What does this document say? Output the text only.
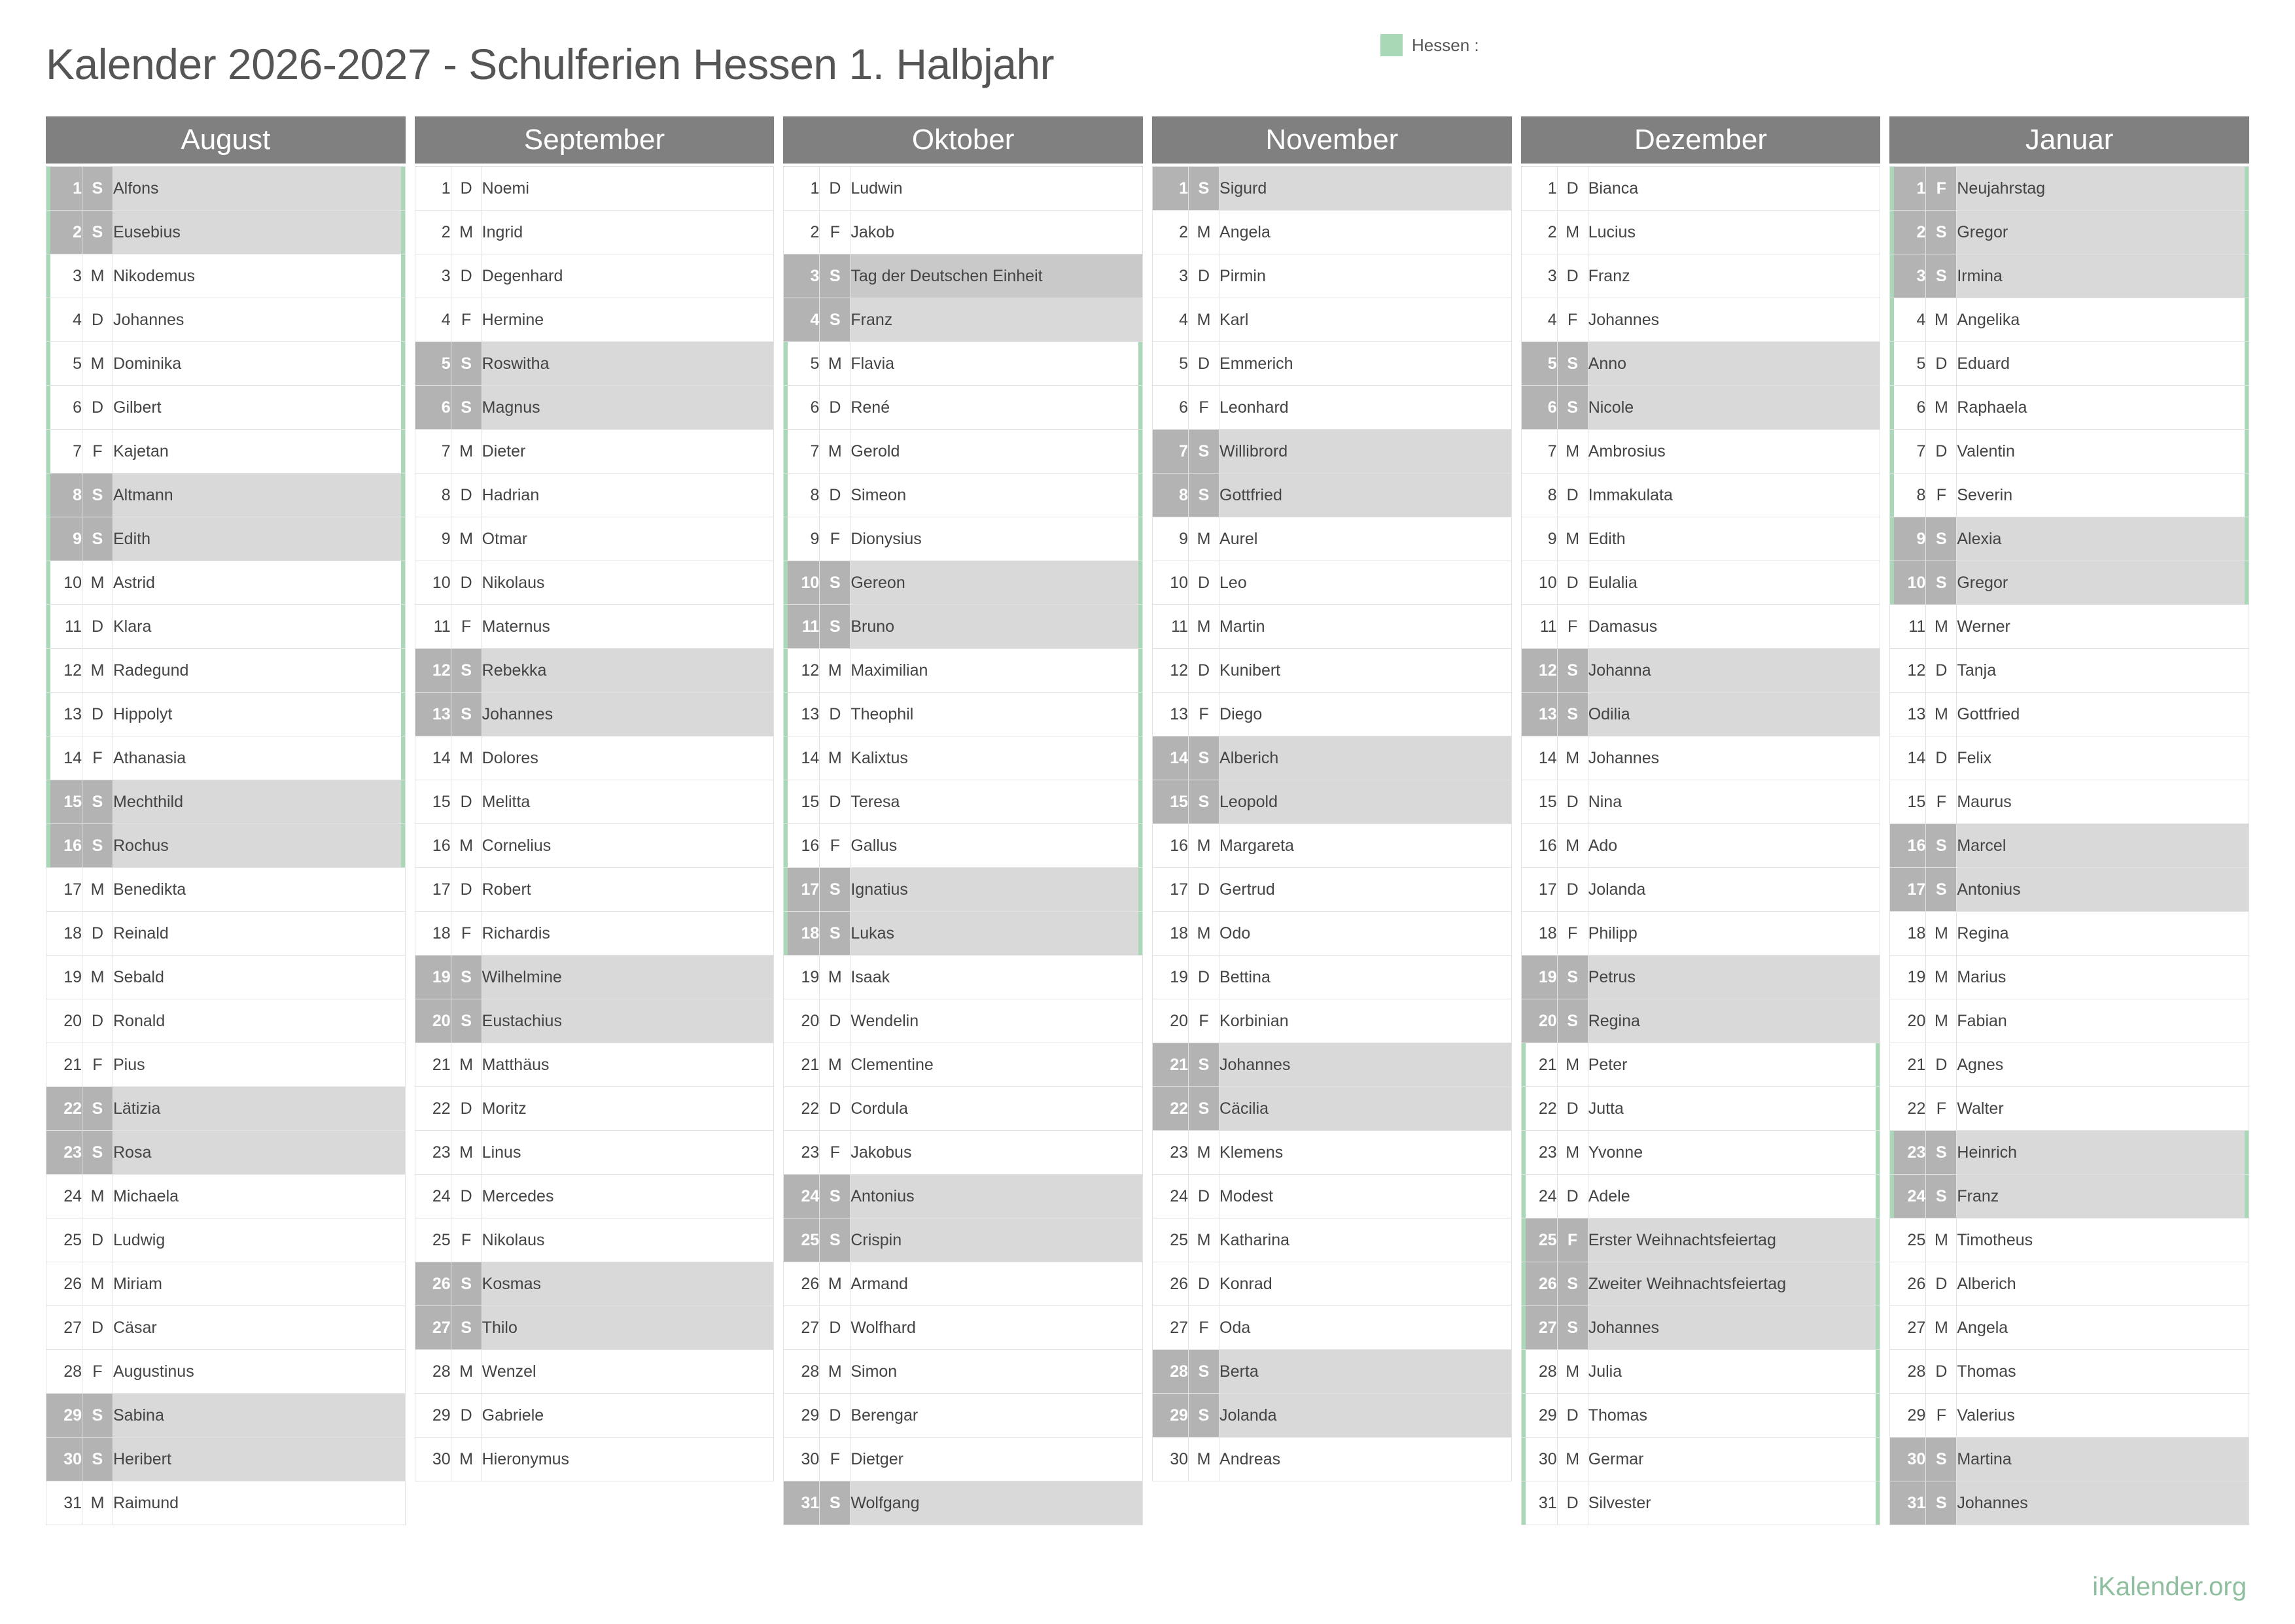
Hessen :
Kalender 2026-2027 - Schulferien Hessen 1. Halbjahr
August
1	S	Alfons
2	S	Eusebius
3	M	Nikodemus
4	D	Johannes
5	M	Dominika
6	D	Gilbert
7	F	Kajetan
8	S	Altmann
9	S	Edith
10	M	Astrid
11	D	Klara
12	M	Radegund
13	D	Hippolyt
14	F	Athanasia
15	S	Mechthild
16	S	Rochus
17	M	Benedikta
18	D	Reinald
19	M	Sebald
20	D	Ronald
21	F	Pius
22	S	Lätizia
23	S	Rosa
24	M	Michaela
25	D	Ludwig
26	M	Miriam
27	D	Cäsar
28	F	Augustinus
29	S	Sabina
30	S	Heribert
31	M	Raimund
September
1	D	Noemi
2	M	Ingrid
3	D	Degenhard
4	F	Hermine
5	S	Roswitha
6	S	Magnus
7	M	Dieter
8	D	Hadrian
9	M	Otmar
10	D	Nikolaus
11	F	Maternus
12	S	Rebekka
13	S	Johannes
14	M	Dolores
15	D	Melitta
16	M	Cornelius
17	D	Robert
18	F	Richardis
19	S	Wilhelmine
20	S	Eustachius
21	M	Matthäus
22	D	Moritz
23	M	Linus
24	D	Mercedes
25	F	Nikolaus
26	S	Kosmas
27	S	Thilo
28	M	Wenzel
29	D	Gabriele
30	M	Hieronymus

Oktober
1	D	Ludwin
2	F	Jakob
3	S	Tag der Deutschen Einheit
4	S	Franz
5	M	Flavia
6	D	René
7	M	Gerold
8	D	Simeon
9	F	Dionysius
10	S	Gereon
11	S	Bruno
12	M	Maximilian
13	D	Theophil
14	M	Kalixtus
15	D	Teresa
16	F	Gallus
17	S	Ignatius
18	S	Lukas
19	M	Isaak
20	D	Wendelin
21	M	Clementine
22	D	Cordula
23	F	Jakobus
24	S	Antonius
25	S	Crispin
26	M	Armand
27	D	Wolfhard
28	M	Simon
29	D	Berengar
30	F	Dietger
31	S	Wolfgang
November
1	S	Sigurd
2	M	Angela
3	D	Pirmin
4	M	Karl
5	D	Emmerich
6	F	Leonhard
7	S	Willibrord
8	S	Gottfried
9	M	Aurel
10	D	Leo
11	M	Martin
12	D	Kunibert
13	F	Diego
14	S	Alberich
15	S	Leopold
16	M	Margareta
17	D	Gertrud
18	M	Odo
19	D	Bettina
20	F	Korbinian
21	S	Johannes
22	S	Cäcilia
23	M	Klemens
24	D	Modest
25	M	Katharina
26	D	Konrad
27	F	Oda
28	S	Berta
29	S	Jolanda
30	M	Andreas

Dezember
1	D	Bianca
2	M	Lucius
3	D	Franz
4	F	Johannes
5	S	Anno
6	S	Nicole
7	M	Ambrosius
8	D	Immakulata
9	M	Edith
10	D	Eulalia
11	F	Damasus
12	S	Johanna
13	S	Odilia
14	M	Johannes
15	D	Nina
16	M	Ado
17	D	Jolanda
18	F	Philipp
19	S	Petrus
20	S	Regina
21	M	Peter
22	D	Jutta
23	M	Yvonne
24	D	Adele
25	F	Erster Weihnachtsfeiertag
26	S	Zweiter Weihnachtsfeiertag
27	S	Johannes
28	M	Julia
29	D	Thomas
30	M	Germar
31	D	Silvester
Januar
1	F	Neujahrstag
2	S	Gregor
3	S	Irmina
4	M	Angelika
5	D	Eduard
6	M	Raphaela
7	D	Valentin
8	F	Severin
9	S	Alexia
10	S	Gregor
11	M	Werner
12	D	Tanja
13	M	Gottfried
14	D	Felix
15	F	Maurus
16	S	Marcel
17	S	Antonius
18	M	Regina
19	M	Marius
20	M	Fabian
21	D	Agnes
22	F	Walter
23	S	Heinrich
24	S	Franz
25	M	Timotheus
26	D	Alberich
27	M	Angela
28	D	Thomas
29	F	Valerius
30	S	Martina
31	S	Johannes
iKalender.org
